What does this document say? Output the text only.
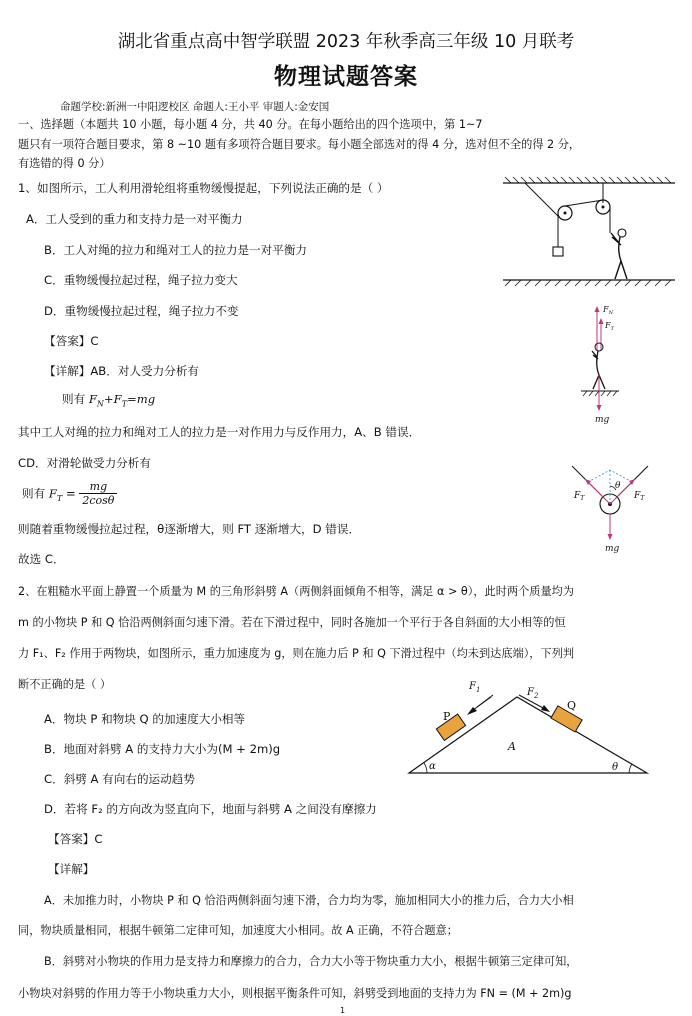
湖北省重点高中智学联盟 2023 年秋季高三年级 10 月联考
物理试题答案
命题学校:新洲一中阳逻校区 命题人:王小平 审题人:金安国
一、选择题（本题共 10 小题，每小题 4 分，共 40 分。在每小题给出的四个选项中，第 1~7
题只有一项符合题目要求，第 8 ~10 题有多项符合题目要求。每小题全部选对的得 4 分，选对但不全的得 2 分，
有选错的得 0 分）
1、如图所示，工人利用滑轮组将重物缓慢提起，下列说法正确的是（ ）
A．工人受到的重力和支持力是一对平衡力
B．工人对绳的拉力和绳对工人的拉力是一对平衡力
C．重物缓慢拉起过程，绳子拉力变大
D．重物缓慢拉起过程，绳子拉力不变
【答案】C
【详解】AB．对人受力分析有
则有 $F_N+F_T=mg$
其中工人对绳的拉力和绳对工人的拉力是一对作用力与反作用力，A、B 错误．
CD．对滑轮做受力分析有
则有 $F_T = \frac{mg}{2\cos\theta}$
则随着重物缓慢拉起过程，θ逐渐增大，则 FT 逐渐增大，D 错误．
故选 C．
$F_N$
$F_T$
mg
θ
$F_T$	$F_T$
mg
2、在粗糙水平面上静置一个质量为 M 的三角形斜劈 A（两侧斜面倾角不相等，满足 α > θ），此时两个质量均为
m 的小物块 P 和 Q 恰沿两侧斜面匀速下滑。若在下滑过程中，同时各施加一个平行于各自斜面的大小相等的恒
力 F₁、F₂ 作用于两物块，如图所示，重力加速度为 g，则在施力后 P 和 Q 下滑过程中（均未到达底端），下列判
断不正确的是（ ）
A．物块 P 和物块 Q 的加速度大小相等
B．地面对斜劈 A 的支持力大小为(M + 2m)g
C．斜劈 A 有向右的运动趋势
D．若将 F₂ 的方向改为竖直向下，地面与斜劈 A 之间没有摩擦力
【答案】C
【详解】
A．未加推力时，小物块 P 和 Q 恰沿两侧斜面匀速下滑，合力均为零，施加相同大小的推力后，合力大小相
同，物块质量相同，根据牛顿第二定律可知，加速度大小相同。故 A 正确，不符合题意；
B．斜劈对小物块的作用力是支持力和摩擦力的合力，合力大小等于物块重力大小，根据牛顿第三定律可知，
小物块对斜劈的作用力等于小物块重力大小，则根据平衡条件可知，斜劈受到地面的支持力为 FN = (M + 2m)g
P
$F_1$
Q
$F_2$
A
α	θ
1
